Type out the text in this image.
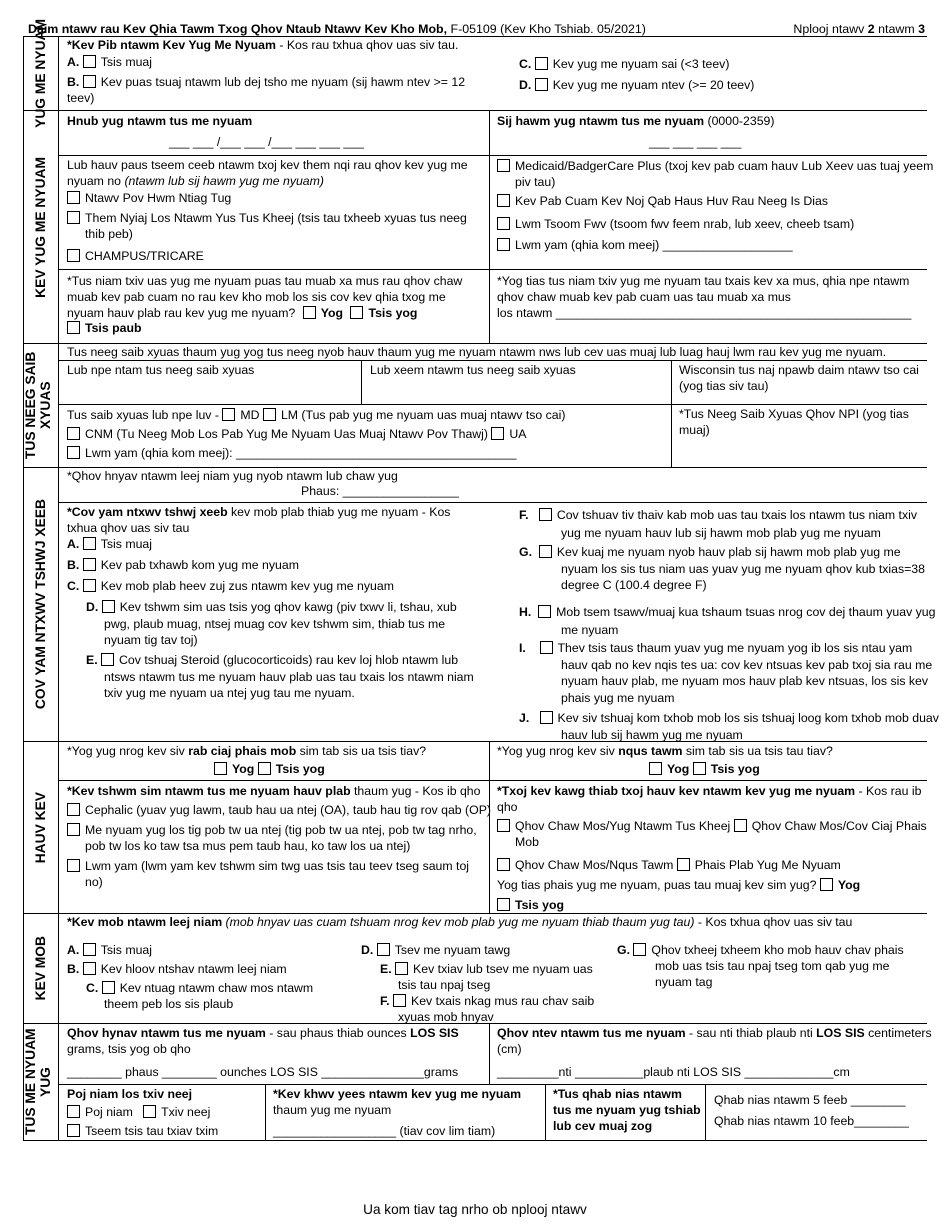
Daim ntawv rau Kev Qhia Tawm Txog Qhov Ntaub Ntawv Kev Kho Mob, F-05109 (Kev Kho Tshiab. 05/2021)	Nplooj ntawv 2 ntawm 3
YUG ME NYUAM *Kev Pib ntawm Kev Yug Me Nyuam - Kos rau txhua qhov uas siv tau.
A. Tsis muaj
B. Kev puas tsuaj ntawm lub dej tsho me nyuam (sij hawm ntev >= 12 teev)
C. Kev yug me nyuam sai (<3 teev)
D. Kev yug me nyuam ntev (>= 20 teev)
KEV YUG ME NYUAM
Hnub yug ntawm tus me nyuam
___ ___ /___ ___ /___ ___ ___ ___
Sij hawm yug ntawm tus me nyuam (0000-2359)
___ ___ ___ ___
Lub hauv paus tseem ceeb ntawm txoj kev them nqi rau qhov kev yug me nyuam no (ntawm lub sij hawm yug me nyuam)
Ntawv Pov Hwm Ntiag Tug
Them Nyiaj Los Ntawm Yus Tus Kheej (tsis tau txheeb xyuas tus neeg thib peb)
CHAMPUS/TRICARE
Medicaid/BadgerCare Plus (txoj kev pab cuam hauv Lub Xeev uas tuaj yeem piv tau)
Kev Pab Cuam Kev Noj Qab Haus Huv Rau Neeg Is Dias
Lwm Tsoom Fwv (tsoom fwv feem nrab, lub xeev, cheeb tsam)
Lwm yam (qhia kom meej) ___________________
*Tus niam txiv uas yug me nyuam puas tau muab xa mus rau qhov chaw muab kev pab cuam no rau kev kho mob los sis cov kev qhia txog me nyuam hauv plab rau kev yug me nyuam? Yog Tsis yog
Tsis paub
*Yog tias tus niam txiv yug me nyuam tau txais kev xa mus, qhia npe ntawm qhov chaw muab kev pab cuam uas tau muab xa mus
los ntawm ____________________________________________________
TUS NEEG SAIB XYUAS
Tus neeg saib xyuas thaum yug yog tus neeg nyob hauv thaum yug me nyuam ntawm nws lub cev uas muaj lub luag hauj lwm rau kev yug me nyuam.
Lub npe ntam tus neeg saib xyuas	Lub xeem ntawm tus neeg saib xyuas	Wisconsin tus naj npawb daim ntawv tso cai (yog tias siv tau)
Tus saib xyuas lub npe luv - MD LM (Tus pab yug me nyuam uas muaj ntawv tso cai)
CNM (Tu Neeg Mob Los Pab Yug Me Nyuam Uas Muaj Ntawv Pov Thawj) UA
Lwm yam (qhia kom meej): _________________________________________
*Tus Neeg Saib Xyuas Qhov NPI (yog tias muaj)
COV YAM NTXWV TSHWJ XEEB
*Qhov hnyav ntawm leej niam yug nyob ntawm lub chaw yug
Phaus: _________________
*Cov yam ntxwv tshwj xeeb kev mob plab thiab yug me nyuam - Kos txhua qhov uas siv tau
A. Tsis muaj
B. Kev pab txhawb kom yug me nyuam
C. Kev mob plab heev zuj zus ntawm kev yug me nyuam
D. Kev tshwm sim uas tsis yog qhov kawg (piv txwv li, tshau, xub pwg, plaub muag, ntsej muag cov kev tshwm sim, thiab tus me nyuam tig tav toj)
E. Cov tshuaj Steroid (glucocorticoids) rau kev loj hlob ntawm lub ntsws ntawm tus me nyuam hauv plab uas tau txais los ntawm niam txiv yug me nyuam ua ntej yug tau me nyuam.
F. Cov tshuav tiv thaiv kab mob uas tau txais los ntawm tus niam txiv yug me nyuam hauv lub sij hawm mob plab yug me nyuam
G. Kev kuaj me nyuam nyob hauv plab sij hawm mob plab yug me nyuam los sis tus niam uas yuav yug me nyuam qhov kub txias=38 degree C (100.4 degree F)
H. Mob tsem tsawv/muaj kua tshaum tsuas nrog cov dej thaum yuav yug me nyuam
I.	Thev tsis taus thaum yuav yug me nyuam yog ib los sis ntau yam hauv qab no kev nqis tes ua: cov kev ntsuas kev pab txoj sia rau me nyuam hauv plab, me nyuam mos hauv plab kev ntsuas, los sis kev phais yug me nyuam
J. Kev siv tshuaj kom txhob mob los sis tshuaj loog kom txhob mob duav hauv lub sij hawm yug me nyuam
HAUV KEV
*Yog yug nrog kev siv rab ciaj phais mob sim tab sis ua tsis tiav?
Yog Tsis yog
*Yog yug nrog kev siv nqus tawm sim tab sis ua tsis tau tiav?
Yog Tsis yog
*Kev tshwm sim ntawm tus me nyuam hauv plab thaum yug - Kos ib qho
Cephalic (yuav yug lawm, taub hau ua ntej (OA), taub hau tig rov qab (OP)
Me nyuam yug los tig pob tw ua ntej (tig pob tw ua ntej, pob tw tag nrho, pob tw los ko taw tsa mus pem taub hau, ko taw los ua ntej)
Lwm yam (lwm yam kev tshwm sim twg uas tsis tau teev tseg saum toj no)
*Txoj kev kawg thiab txoj hauv kev ntawm kev yug me nyuam - Kos rau ib qho
Qhov Chaw Mos/Yug Ntawm Tus Kheej Qhov Chaw Mos/Cov Ciaj Phais Mob
Qhov Chaw Mos/Nqus Tawm Phais Plab Yug Me Nyuam
Yog tias phais yug me nyuam, puas tau muaj kev sim yug? Yog
Tsis yog
KEV MOB
*Kev mob ntawm leej niam (mob hnyav uas cuam tshuam nrog kev mob plab yug me nyuam thiab thaum yug tau) - Kos txhua qhov uas siv tau
A. Tsis muaj
B. Kev hloov ntshav ntawm leej niam
C. Kev ntuag ntawm chaw mos ntawm theem peb los sis plaub
D. Tsev me nyuam tawg
E. Kev txiav lub tsev me nyuam uas tsis tau npaj tseg
F. Kev txais nkag mus rau chav saib xyuas mob hnyav
G. Qhov txheej txheem kho mob hauv chav phais mob uas tsis tau npaj tseg tom qab yug me nyuam tag
TUS ME NYUAM YUG
Qhov hynav ntawm tus me nyuam - sau phaus thiab ounces LOS SIS grams, tsis yog ob qho
________ phaus ________ ounches LOS SIS _______________grams
Qhov ntev ntawm tus me nyuam - sau nti thiab plaub nti LOS SIS centimeters (cm)
_________nti __________plaub nti LOS SIS _____________cm
Poj niam los txiv neej
Poj niam Txiv neej
Tseem tsis tau txiav txim
*Kev khwv yees ntawm kev yug me nyuam thaum yug me nyuam
__________________ (tiav cov lim tiam)
*Tus qhab nias ntawm tus me nyuam yug tshiab lub cev muaj zog
Qhab nias ntawm 5 feeb ________
Qhab nias ntawm 10 feeb________
Ua kom tiav tag nrho ob nplooj ntawv
